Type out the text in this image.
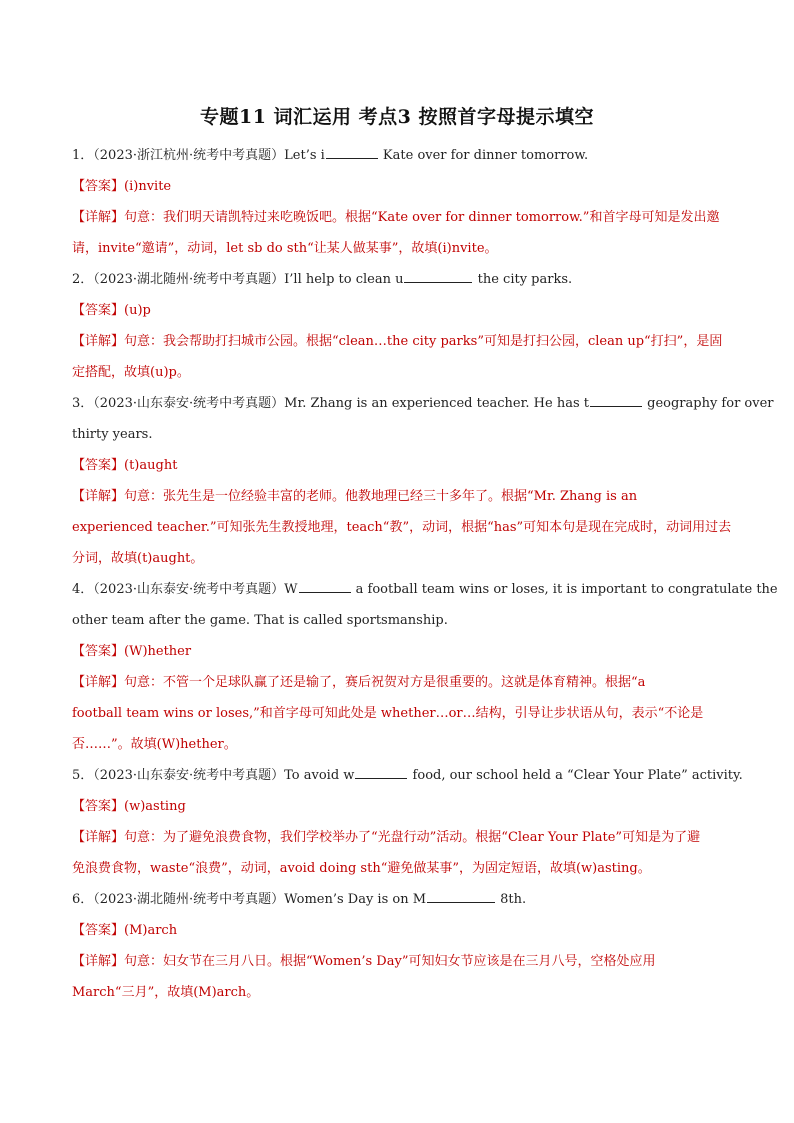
专题11 词汇运用 考点3 按照首字母提示填空
1．（2023·浙江杭州·统考中考真题）Let’s i	Kate over for dinner tomorrow.
【答案】(i)nvite
【详解】句意：我们明天请凯特过来吃晚饭吧。根据“Kate over for dinner tomorrow.”和首字母可知是发出邀
请，invite“邀请”，动词，let sb do sth“让某人做某事”，故填(i)nvite。
2．（2023·湖北随州·统考中考真题）I’ll help to clean u	the city parks.
【答案】(u)p
【详解】句意：我会帮助打扫城市公园。根据“clean…the city parks”可知是打扫公园，clean up“打扫”，是固
定搭配，故填(u)p。
3．（2023·山东泰安·统考中考真题）Mr. Zhang is an experienced teacher. He has t	geography for over
thirty years.
【答案】(t)aught
【详解】句意：张先生是一位经验丰富的老师。他教地理已经三十多年了。根据“Mr. Zhang is an
experienced teacher.”可知张先生教授地理，teach“教”，动词，根据“has”可知本句是现在完成时，动词用过去
分词，故填(t)aught。
4．（2023·山东泰安·统考中考真题）W	a football team wins or loses, it is important to congratulate the
other team after the game. That is called sportsmanship.
【答案】(W)hether
【详解】句意：不管一个足球队赢了还是输了，赛后祝贺对方是很重要的。这就是体育精神。根据“a
football team wins or loses,”和首字母可知此处是 whether…or…结构，引导让步状语从句，表示“不论是
否……”。故填(W)hether。
5．（2023·山东泰安·统考中考真题）To avoid w	food, our school held a “Clear Your Plate” activity.
【答案】(w)asting
【详解】句意：为了避免浪费食物，我们学校举办了“光盘行动”活动。根据“Clear Your Plate”可知是为了避
免浪费食物，waste“浪费”，动词，avoid doing sth“避免做某事”，为固定短语，故填(w)asting。
6．（2023·湖北随州·统考中考真题）Women’s Day is on M	8th.
【答案】(M)arch
【详解】句意：妇女节在三月八日。根据“Women’s Day”可知妇女节应该是在三月八号，空格处应用
March“三月”，故填(M)arch。
